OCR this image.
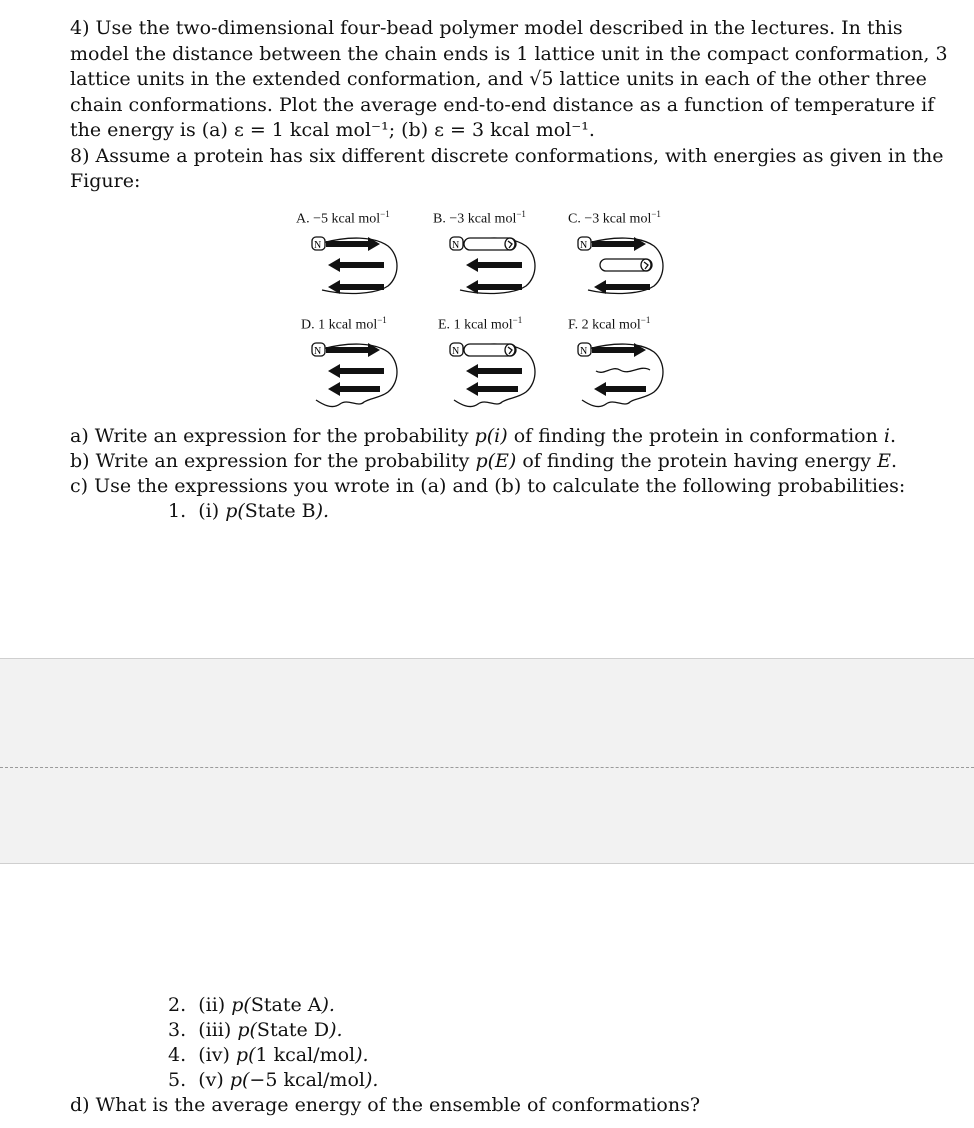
4) Use the two-dimensional four-bead polymer model described in the lectures. In this

model the distance between the chain ends is 1 lattice unit in the compact conformation, 3

lattice units in the extended conformation, and √5 lattice units in each of the other three

chain conformations. Plot the average end-to-end distance as a function of temperature if

the energy is (a) ε = 1 kcal mol⁻¹; (b) ε = 3 kcal mol⁻¹.

8) Assume a protein has six different discrete conformations, with energies as given in the

Figure:

A. −5 kcal mol$^{-1}$	B. −3 kcal mol$^{-1}$	C. −3 kcal mol$^{-1}$
N	N	N
D. 1 kcal mol$^{-1}$	E. 1 kcal mol$^{-1}$	F. 2 kcal mol$^{-1}$
N	N	N
a) Write an expression for the probability p(i) of finding the protein in conformation i.
b) Write an expression for the probability p(E) of finding the protein having energy E.
c) Use the expressions you wrote in (a) and (b) to calculate the following probabilities:
1. (i) p(State B).
2. (ii) p(State A).
3. (iii) p(State D).
4. (iv) p(1 kcal/mol).
5. (v) p(−5 kcal/mol).
d) What is the average energy of the ensemble of conformations?
